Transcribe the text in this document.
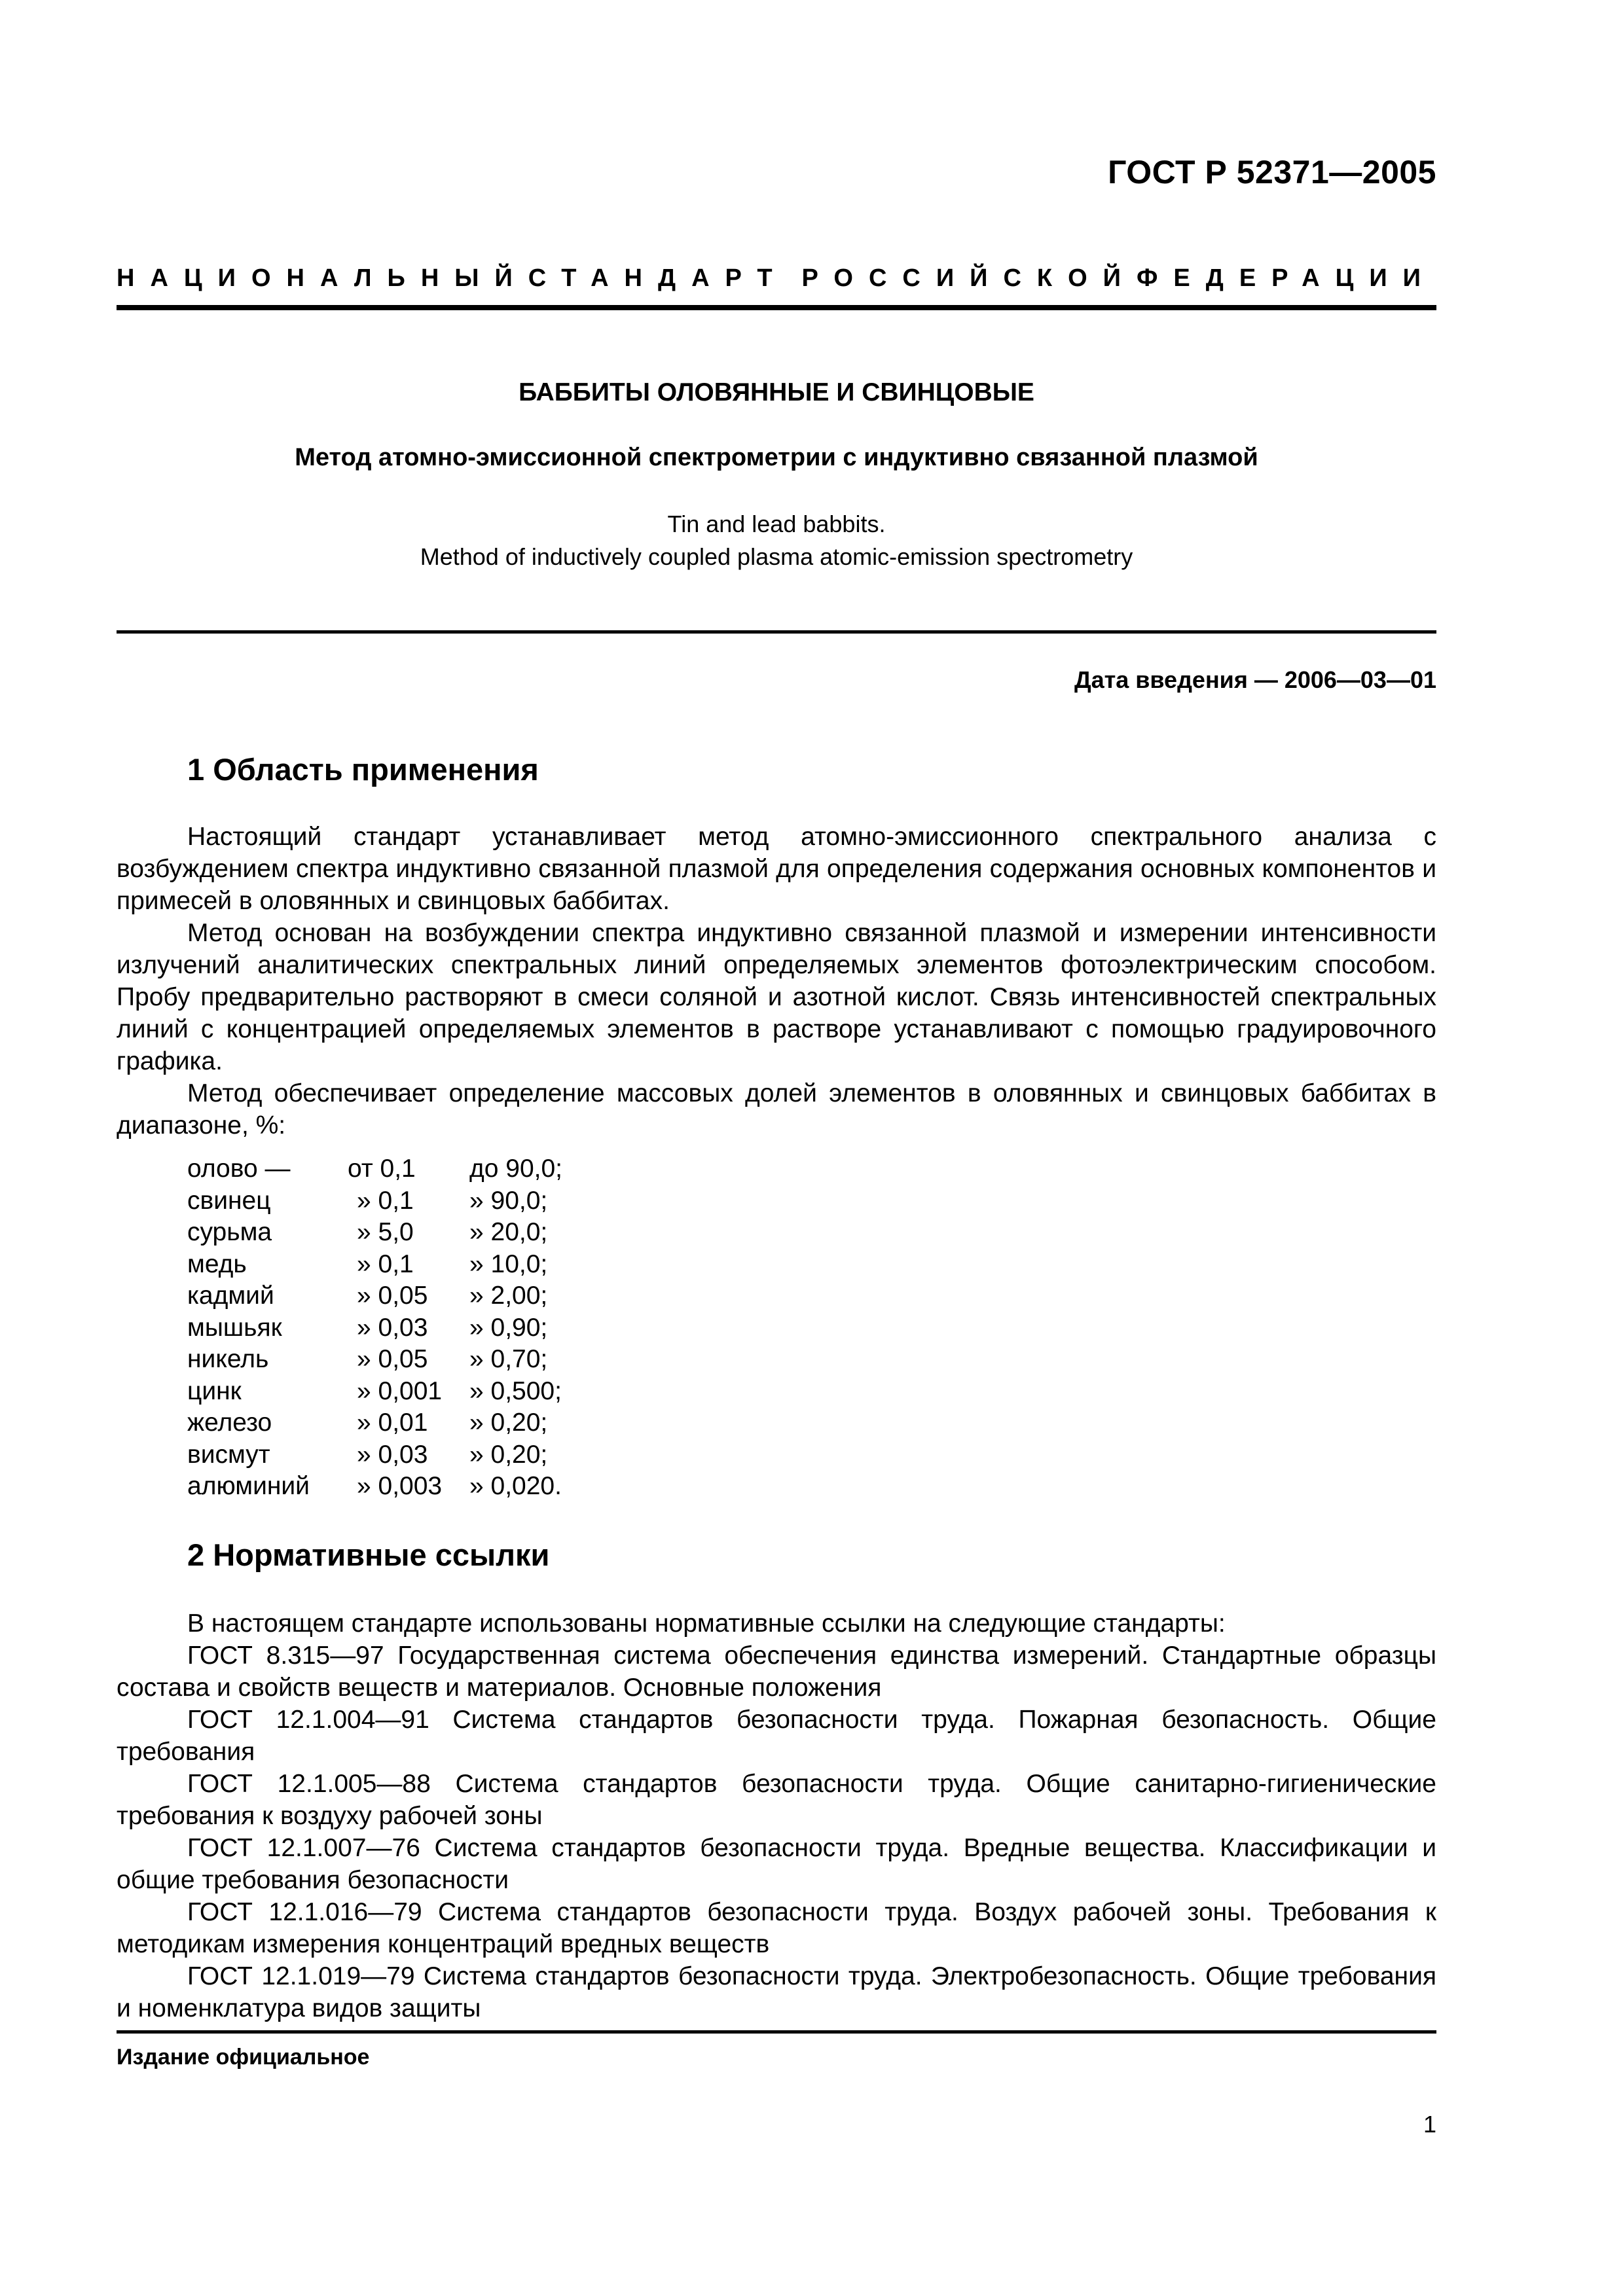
ГОСТ Р 52371—2005
НАЦИОНАЛЬНЫЙ СТАНДАРТ РОССИЙСКОЙ ФЕДЕРАЦИИ
БАББИТЫ ОЛОВЯННЫЕ И СВИНЦОВЫЕ
Метод атомно-эмиссионной спектрометрии с индуктивно связанной плазмой
Tin and lead babbits.
Method of inductively coupled plasma atomic-emission spectrometry
Дата введения — 2006—03—01
1 Область применения

Настоящий стандарт устанавливает метод атомно-эмиссионного спектрального анализа с возбуждением спектра индуктивно связанной плазмой для определения содержания основных компонентов и примесей в оловянных и свинцовых баббитах.

Метод основан на возбуждении спектра индуктивно связанной плазмой и измерении интенсивности излучений аналитических спектральных линий определяемых элементов фотоэлектрическим способом. Пробу предварительно растворяют в смеси соляной и азотной кислот. Связь интенсивностей спектральных линий с концентрацией определяемых элементов в растворе устанавливают с помощью градуировочного графика.

Метод обеспечивает определение массовых долей элементов в оловянных и свинцовых баббитах в диапазоне, %:

олово —	от 0,1	до 90,0;
свинец	» 0,1	» 90,0;
сурьма	» 5,0	» 20,0;
медь	» 0,1	» 10,0;
кадмий	» 0,05	» 2,00;
мышьяк	» 0,03	» 0,90;
никель	» 0,05	» 0,70;
цинк	» 0,001	» 0,500;
железо	» 0,01	» 0,20;
висмут	» 0,03	» 0,20;
алюминий	» 0,003	» 0,020.
2 Нормативные ссылки

В настоящем стандарте использованы нормативные ссылки на следующие стандарты:

ГОСТ 8.315—97 Государственная система обеспечения единства измерений. Стандартные образцы состава и свойств веществ и материалов. Основные положения

ГОСТ 12.1.004—91 Система стандартов безопасности труда. Пожарная безопасность. Общие требования

ГОСТ 12.1.005—88 Система стандартов безопасности труда. Общие санитарно-гигиенические требования к воздуху рабочей зоны

ГОСТ 12.1.007—76 Система стандартов безопасности труда. Вредные вещества. Классификации и общие требования безопасности

ГОСТ 12.1.016—79 Система стандартов безопасности труда. Воздух рабочей зоны. Требования к методикам измерения концентраций вредных веществ

ГОСТ 12.1.019—79 Система стандартов безопасности труда. Электробезопасность. Общие требования и номенклатура видов защиты

Издание официальное
1
